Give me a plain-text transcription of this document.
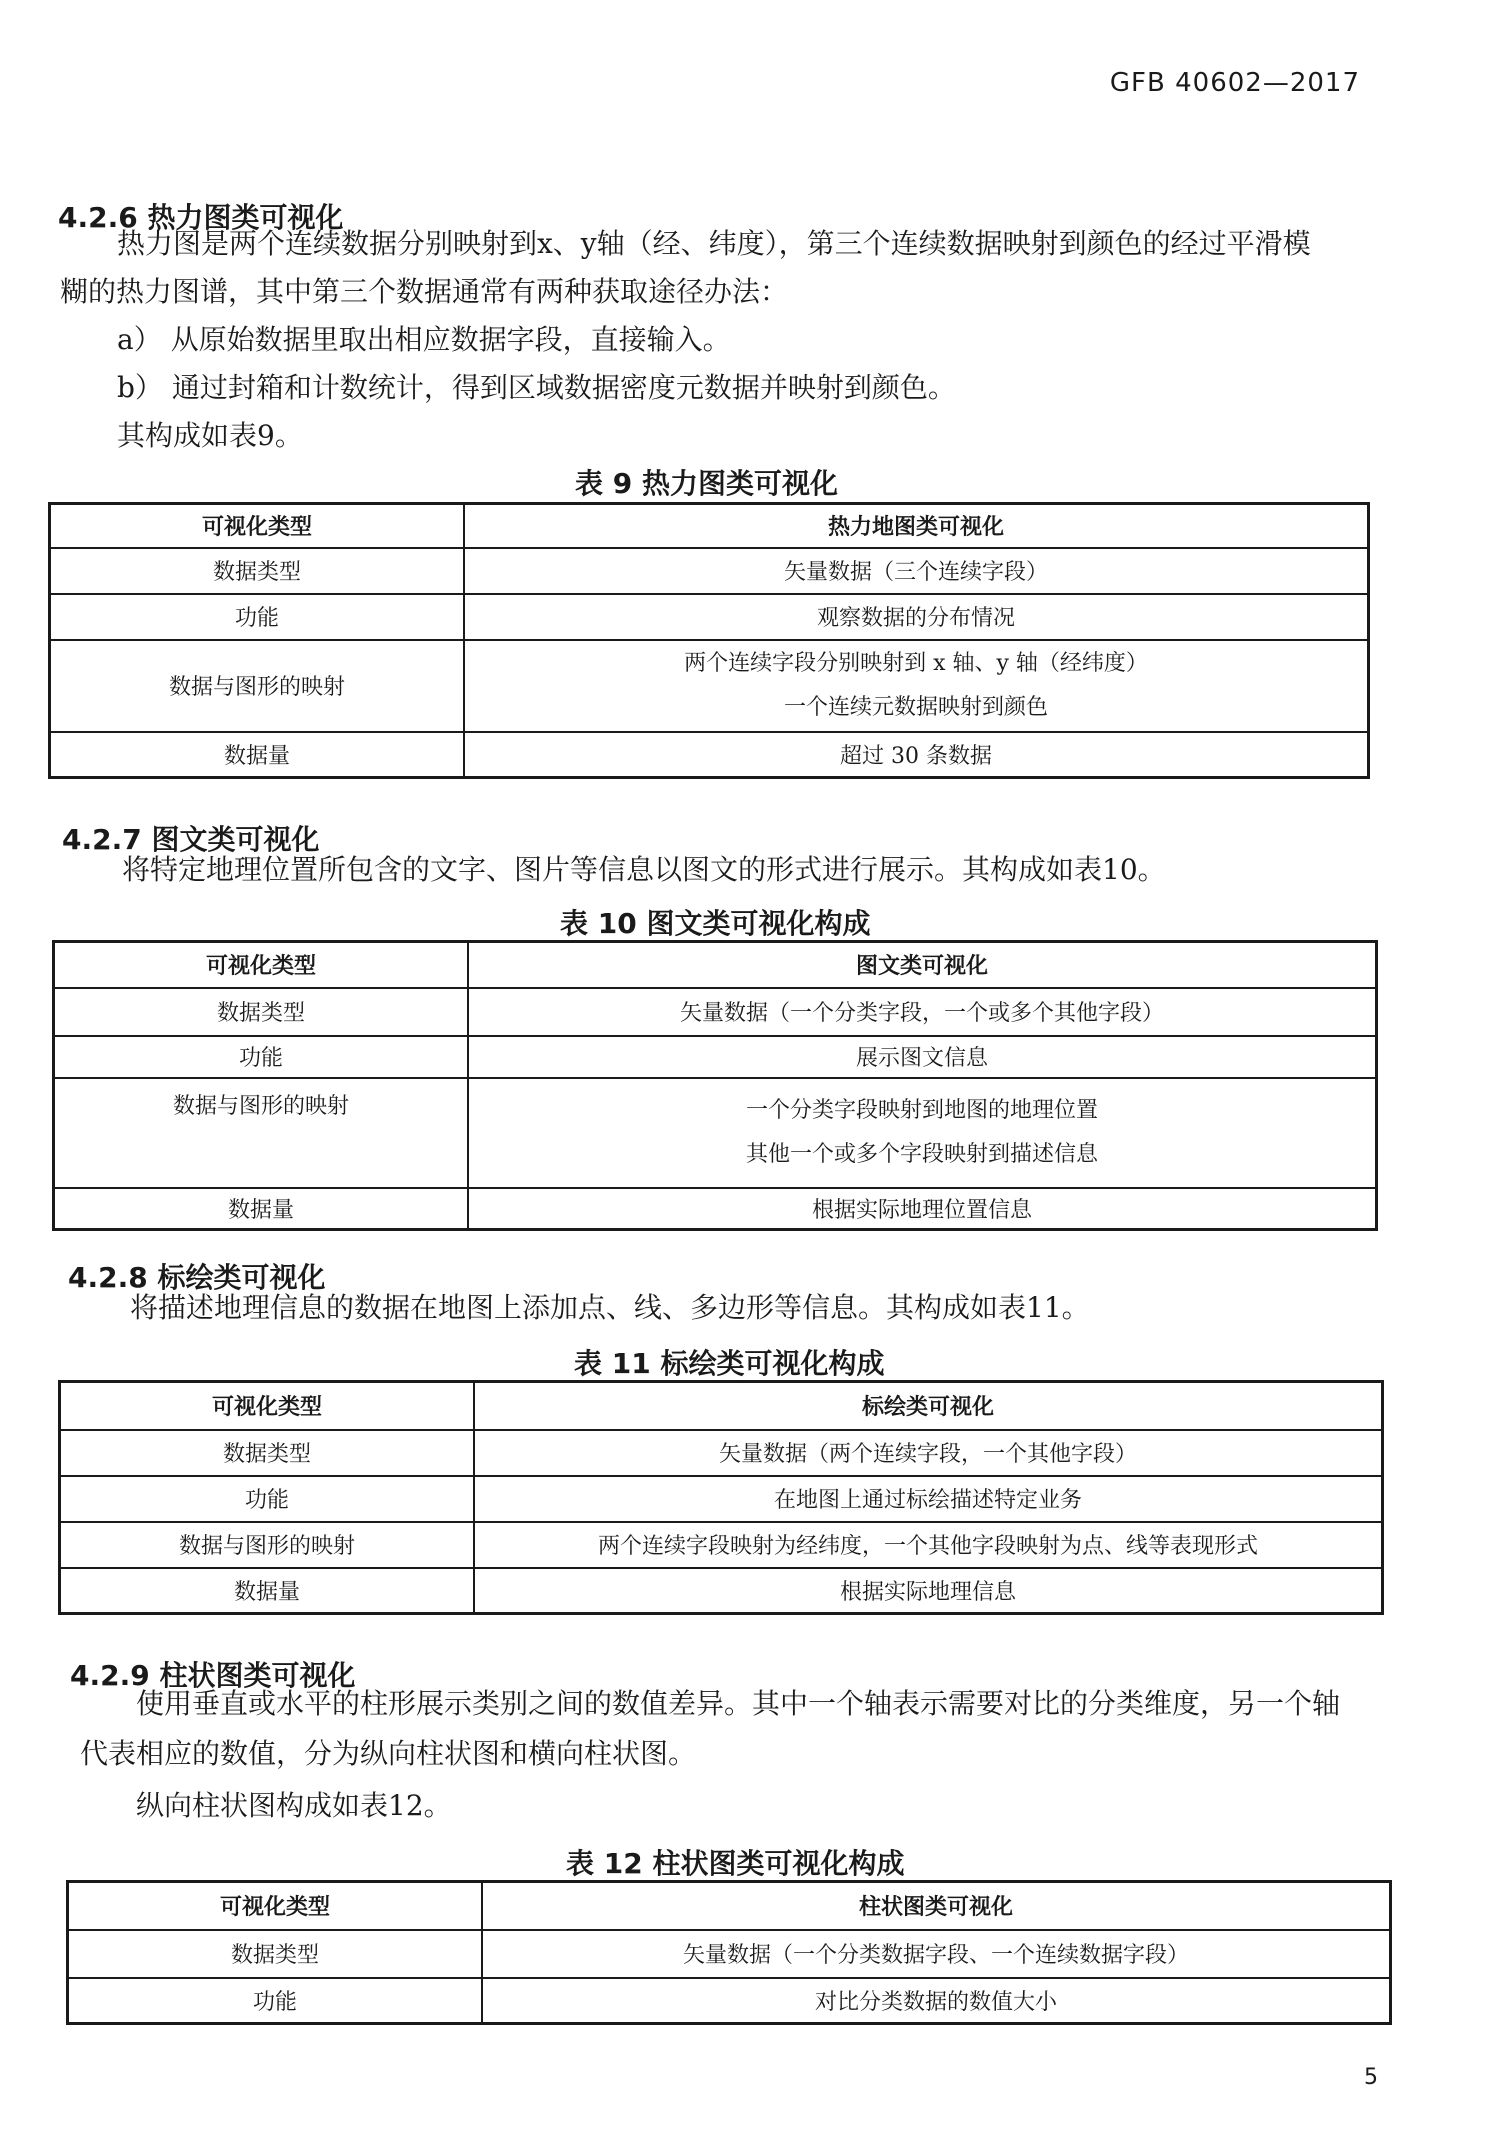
GFB 40602—2017
4.2.6 热力图类可视化
热力图是两个连续数据分别映射到x、y轴（经、纬度），第三个连续数据映射到颜色的经过平滑模
糊的热力图谱，其中第三个数据通常有两种获取途径办法：
a） 从原始数据里取出相应数据字段，直接输入。
b） 通过封箱和计数统计，得到区域数据密度元数据并映射到颜色。
其构成如表9。
表 9 热力图类可视化
可视化类型	热力地图类可视化
数据类型	矢量数据（三个连续字段）
功能	观察数据的分布情况
数据与图形的映射	两个连续字段分别映射到 x 轴、y 轴（经纬度）
一个连续元数据映射到颜色

数据量	超过 30 条数据
4.2.7 图文类可视化
将特定地理位置所包含的文字、图片等信息以图文的形式进行展示。其构成如表10。
表 10 图文类可视化构成
可视化类型	图文类可视化
数据类型	矢量数据（一个分类字段，一个或多个其他字段）
功能	展示图文信息
数据与图形的映射	一个分类字段映射到地图的地理位置
其他一个或多个字段映射到描述信息

数据量	根据实际地理位置信息
4.2.8 标绘类可视化
将描述地理信息的数据在地图上添加点、线、多边形等信息。其构成如表11。
表 11 标绘类可视化构成
可视化类型	标绘类可视化
数据类型	矢量数据（两个连续字段，一个其他字段）
功能	在地图上通过标绘描述特定业务
数据与图形的映射	两个连续字段映射为经纬度，一个其他字段映射为点、线等表现形式
数据量	根据实际地理信息
4.2.9 柱状图类可视化
使用垂直或水平的柱形展示类别之间的数值差异。其中一个轴表示需要对比的分类维度，另一个轴
代表相应的数值，分为纵向柱状图和横向柱状图。
纵向柱状图构成如表12。
表 12 柱状图类可视化构成
可视化类型	柱状图类可视化
数据类型	矢量数据（一个分类数据字段、一个连续数据字段）
功能	对比分类数据的数值大小
5
